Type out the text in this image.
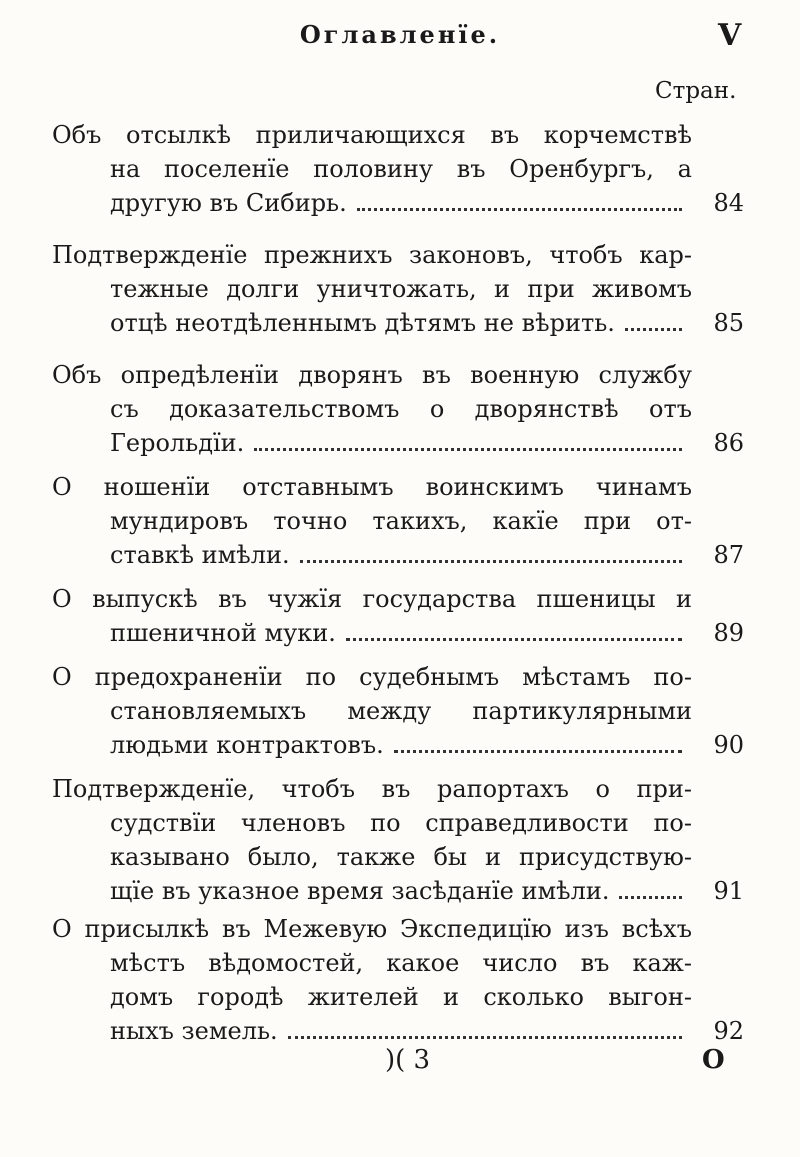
Оглавленїе.	V
Стран.
Объ отсылкѣ приличающихся въ корчемствѣ
на поселенїе половину въ Оренбургъ, а
другую въ Сибирь.	84
Подтвержденїе прежнихъ законовъ, чтобъ кар-
тежные долги уничтожать, и при живомъ
отцѣ неотдѣленнымъ дѣтямъ не вѣрить.	85
Объ опредѣленїи дворянъ въ военную службу
съ доказательствомъ о дворянствѣ отъ
Герольдїи.	86
О ношенїи отставнымъ воинскимъ чинамъ
мундировъ точно такихъ, какїе при от-
ставкѣ имѣли.	87
О выпускѣ въ чужїя государства пшеницы и
пшеничной муки.	89
О предохраненїи по судебнымъ мѣстамъ по-
становляемыхъ между партикулярными
людьми контрактовъ.	90
Подтвержденїе, чтобъ въ рапортахъ о при-
судствїи членовъ по справедливости по-
казывано было, также бы и присудствую-
щїе въ указное время засѣданїе имѣли.	91
О присылкѣ въ Межевую Экспедицїю изъ всѣхъ
мѣстъ вѣдомостей, какое число въ каж-
домъ городѣ жителей и сколько выгон-
ныхъ земель.	92
)( 3	О
